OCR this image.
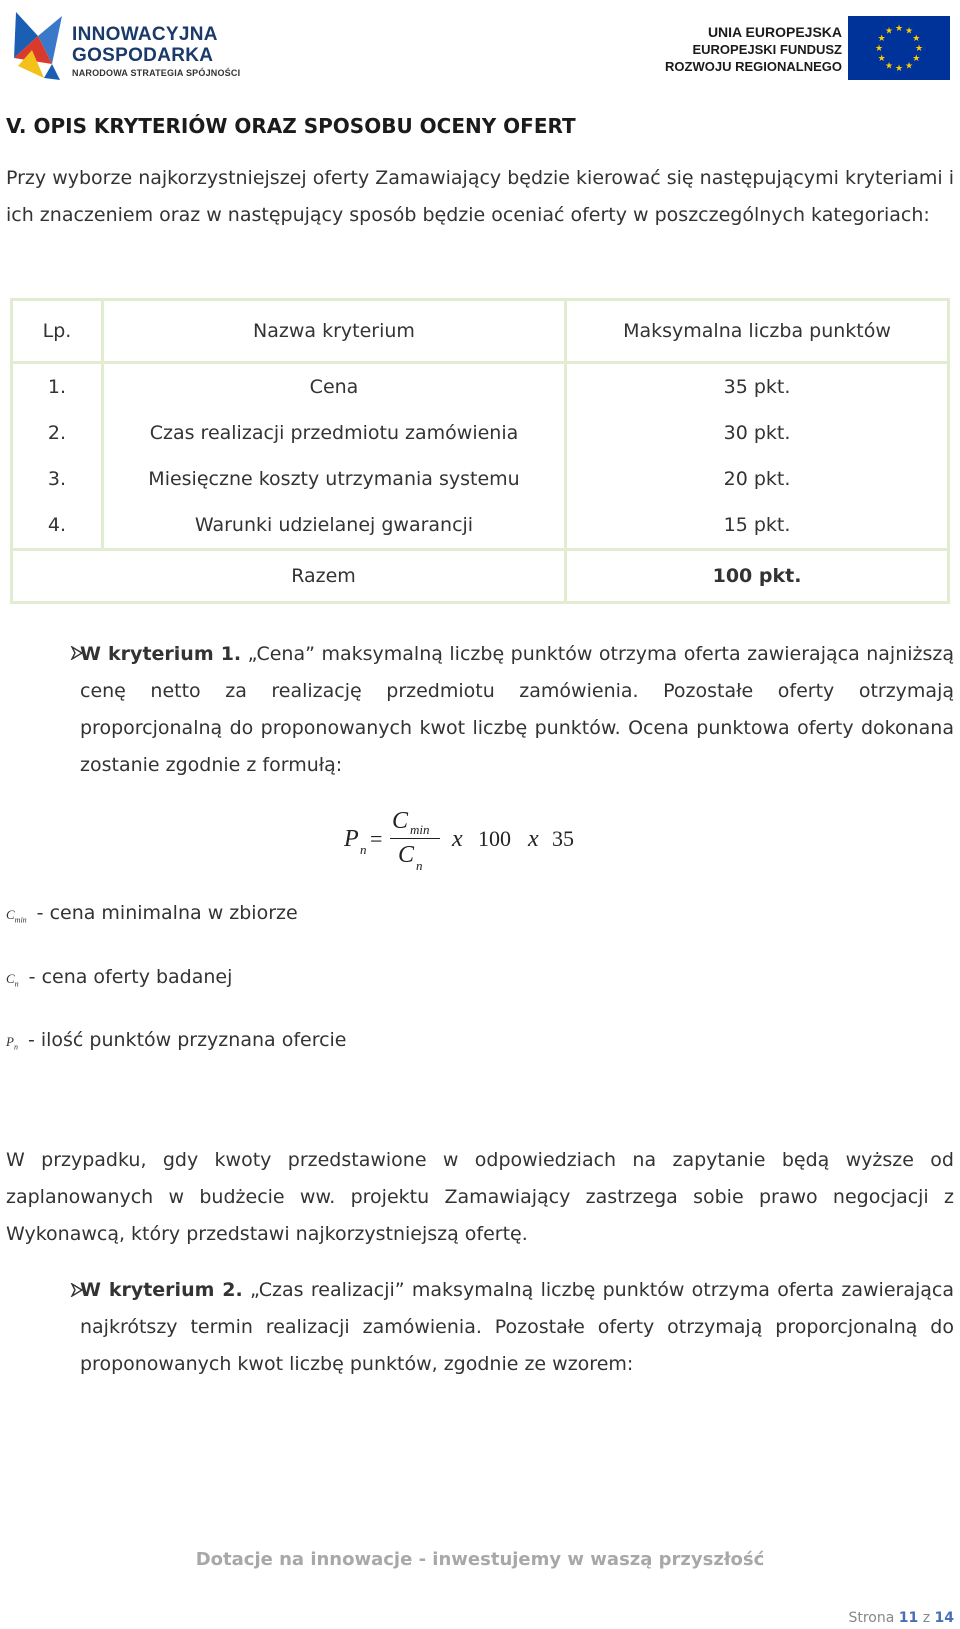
INNOWACYJNA
GOSPODARKA
NARODOWA STRATEGIA SPÓJNOŚCI
UNIA EUROPEJSKA
EUROPEJSKI FUNDUSZ
ROZWOJU REGIONALNEGO
★ ★
★
★
★
★
★
★
★
★
★
★
V. OPIS KRYTERIÓW ORAZ SPOSOBU OCENY OFERT
Przy wyborze najkorzystniejszej oferty Zamawiający będzie kierować się następującymi kryteriami i ich znaczeniem oraz w następujący sposób będzie oceniać oferty w poszczególnych kategoriach:
Lp.	Nazwa kryterium	Maksymalna liczba punktów
1.	Cena	35 pkt.
2.	Czas realizacji przedmiotu zamówienia	30 pkt.
3.	Miesięczne koszty utrzymania systemu	20 pkt.
4.	Warunki udzielanej gwarancji	15 pkt.
Razem		100 pkt.
W kryterium 1. „Cena” maksymalną liczbę punktów otrzyma oferta zawierająca najniższą cenę netto za realizację przedmiotu zamówienia. Pozostałe oferty otrzymają proporcjonalną do proponowanych kwot liczbę punktów. Ocena punktowa oferty dokonana zostanie zgodnie z formułą:
P n =
C min
C n
x 100 x 35
$C_{min}$ - cena minimalna w zbiorze
$C_n$ - cena oferty badanej
$P_n$ - ilość punktów przyznana ofercie
W przypadku, gdy kwoty przedstawione w odpowiedziach na zapytanie będą wyższe od zaplanowanych w budżecie ww. projektu Zamawiający zastrzega sobie prawo negocjacji z Wykonawcą, który przedstawi najkorzystniejszą ofertę.
W kryterium 2. „Czas realizacji” maksymalną liczbę punktów otrzyma oferta zawierająca najkrótszy termin realizacji zamówienia. Pozostałe oferty otrzymają proporcjonalną do proponowanych kwot liczbę punktów, zgodnie ze wzorem:
Dotacje na innowacje - inwestujemy w waszą przyszłość
Strona 11 z 14
